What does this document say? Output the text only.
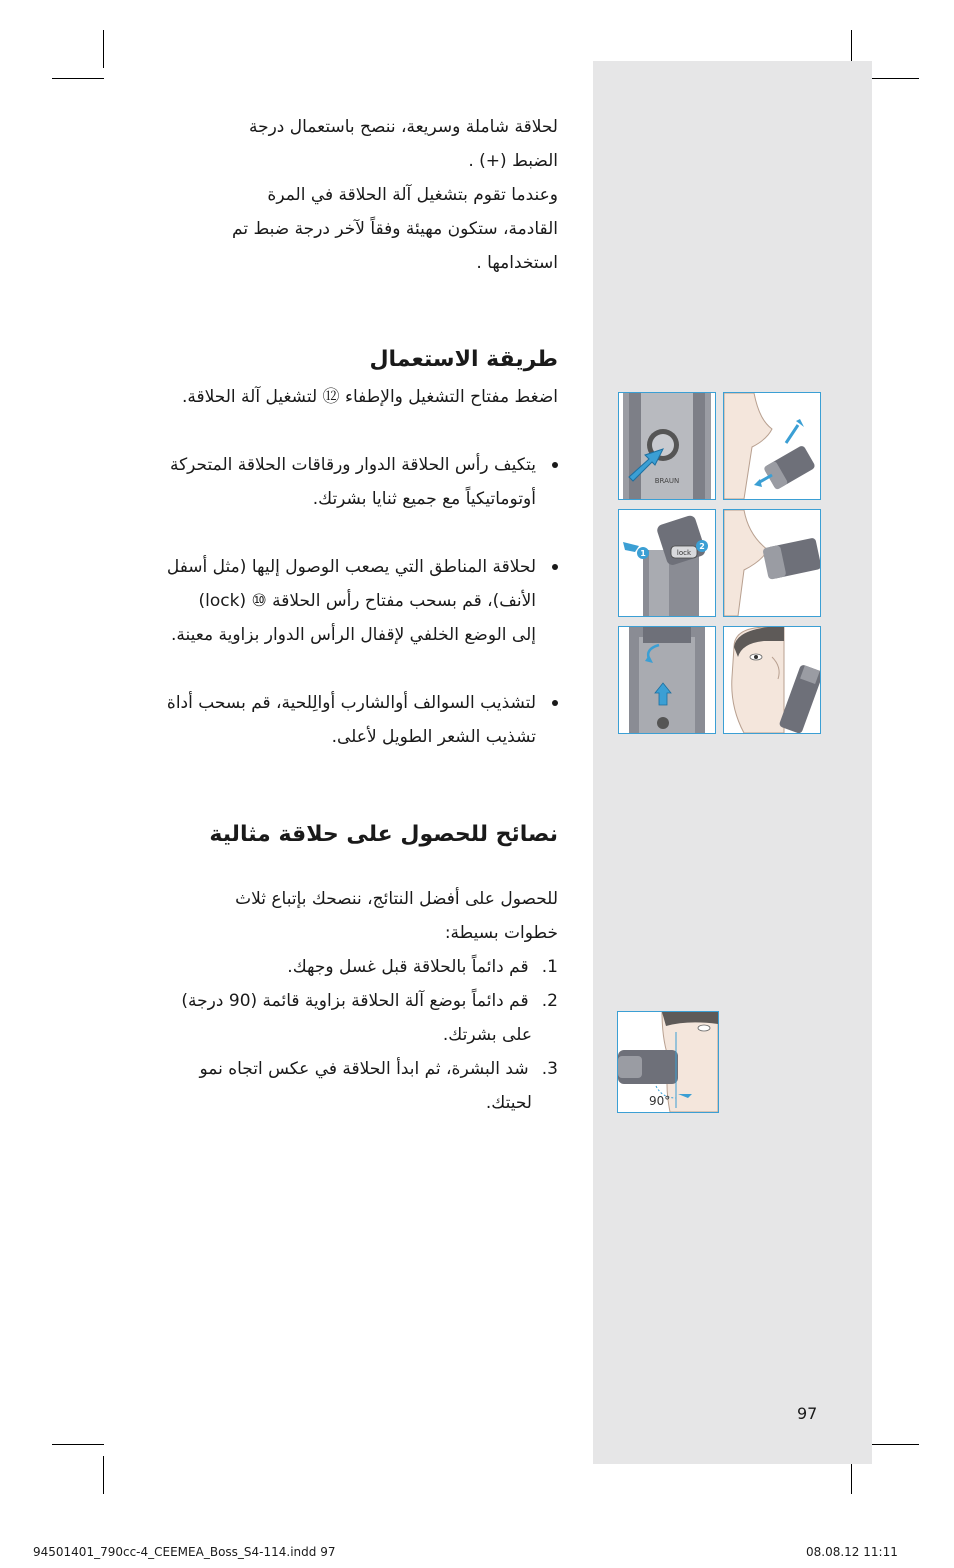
لحلاقة شاملة وسريعة، ننصح باستعمال درجة

الضبط (+) .

وعندما تقوم بتشغيل آلة الحلاقة في المرة

القادمة، ستكون مهيئة وفقاً لآخر درجة ضبط تم

استخدامها .

طريقة الاستعمال

اضغط مفتاح التشغيل والإطفاء ⑫ لتشغيل آلة الحلاقة.

يتكيف رأس الحلاقة الدوار ورقاقات الحلاقة المتحركة
أوتوماتيكياً مع جميع ثنايا بشرتك.
لحلاقة المناطق التي يصعب الوصول إليها (مثل أسفل
الأنف)، قم بسحب مفتاح رأس الحلاقة ⑩ (lock)
إلى الوضع الخلفي لإقفال الرأس الدوار بزاوية معينة.
لتشذيب السوالف أوالشارب أوالِلحية، قم بسحب أداة
تشذيب الشعر الطويل لأعلى.
نصائح للحصول على حلاقة مثالية

للحصول على أفضل النتائج، ننصحك بإتباع ثلاث

خطوات بسيطة:

1. قم دائماً بالحلاقة قبل غسل وجهك.
2. قم دائماً بوضع آلة الحلاقة بزاوية قائمة (90 درجة)
على بشرتك.
3. شد البشرة، ثم ابدأ الحلاقة في عكس اتجاه نمو
لحيتك.
BRAUN
lock
1
2
90°
97
94501401_790cc-4_CEEMEA_Boss_S4-114.indd 97	08.08.12 11:11
